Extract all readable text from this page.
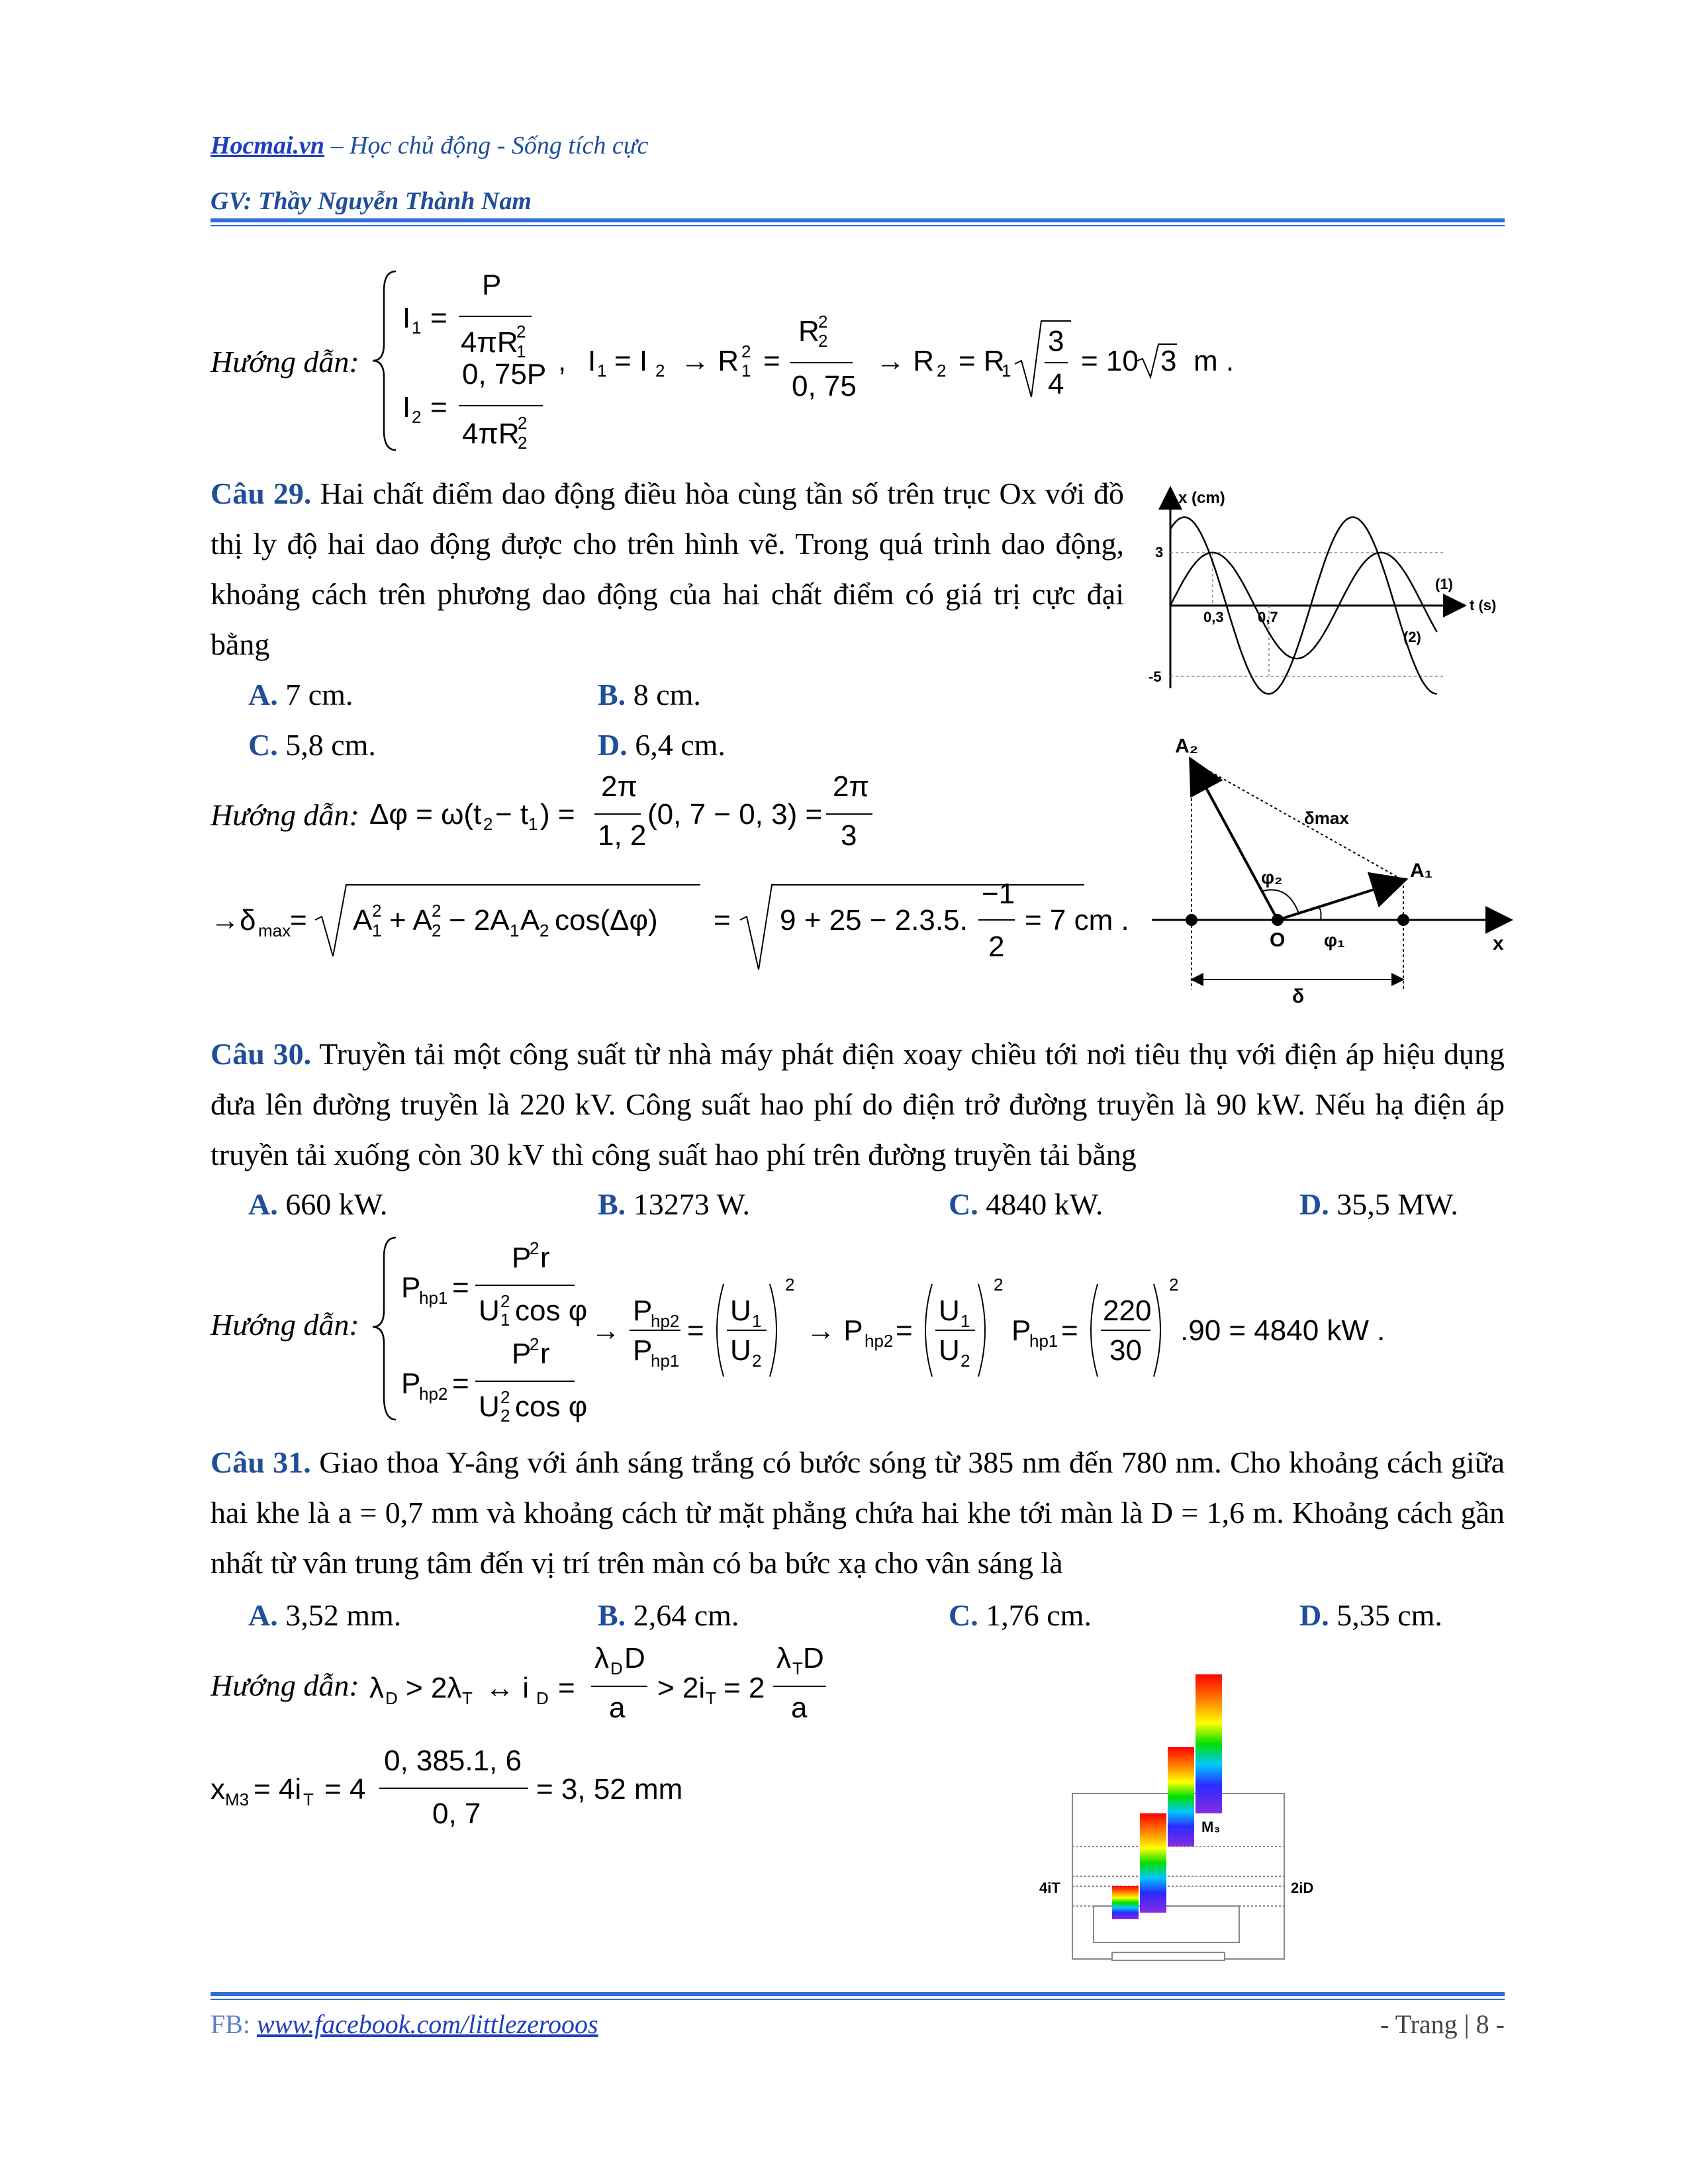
Hocmai.vn – Học chủ động - Sống tích cực
GV: Thầy Nguyễn Thành Nam
Hướng dẫn:
I 1 =
P
4πR
1
2
I 2 =
0, 75P
4πR
2
2
, I 1 = I 2 → R 1
2 =
R
2
2
0, 75
→ R 2 = R
1
3
4
= 10 3 m .
Câu 29. Hai chất điểm dao động điều hòa cùng tần số trên trục Ox với đồ thị ly độ hai dao động được cho trên hình vẽ. Trong quá trình dao động, khoảng cách trên phương dao động của hai chất điểm có giá trị cực đại bằng
A. 7 cm.	B. 8 cm.
C. 5,8 cm.	D. 6,4 cm.
Hướng dẫn: Δφ = ω(t 2 − t 1 ) =
2π
1, 2
(0, 7 − 0, 3) =
2π
3
→δ max
= A 1
2 + A 2
2 − 2A 1 A 2 cos(Δφ) = 9 + 25 − 2.3.5.
−1
2
= 7 cm .
x (cm)
3
-5
0,3 0,7
(1)
t (s)
(2)
A₂
A₁
δmax
φ₂
φ₁
O	x
δ
Câu 30. Truyền tải một công suất từ nhà máy phát điện xoay chiều tới nơi tiêu thụ với điện áp hiệu dụng đưa lên đường truyền là 220 kV. Công suất hao phí do điện trở đường truyền là 90 kW. Nếu hạ điện áp truyền tải xuống còn 30 kV thì công suất hao phí trên đường truyền tải bằng
A. 660 kW.	B. 13273 W.	C. 4840 kW.	D. 35,5 MW.
Hướng dẫn:
P
hp1 =
P
2 r
U 1
2 cos φ
P
hp2 =
P
2 r
U 2
2 cos φ
→
P
hp2
P
hp1
=
U 1
U 2
2
→ P hp2 =
U 1
U 2
2
P
hp1 =
220
30
2
.90 = 4840 kW .
Câu 31. Giao thoa Y-âng với ánh sáng trắng có bước sóng từ 385 nm đến 780 nm. Cho khoảng cách giữa hai khe là a = 0,7 mm và khoảng cách từ mặt phẳng chứa hai khe tới màn là D = 1,6 m. Khoảng cách gần nhất từ vân trung tâm đến vị trí trên màn có ba bức xạ cho vân sáng là
A. 3,52 mm.	B. 2,64 cm.	C. 1,76 cm.	D. 5,35 cm.
Hướng dẫn: λ D > 2λ T ↔ i D =
λ D D
a
> 2i T = 2
λ T D
a
x M3 = 4i T = 4
0, 385.1, 6
0, 7
= 3, 52 mm
M₃
4iT	2iD
FB: www.facebook.com/littlezerooos	- Trang | 8 -
